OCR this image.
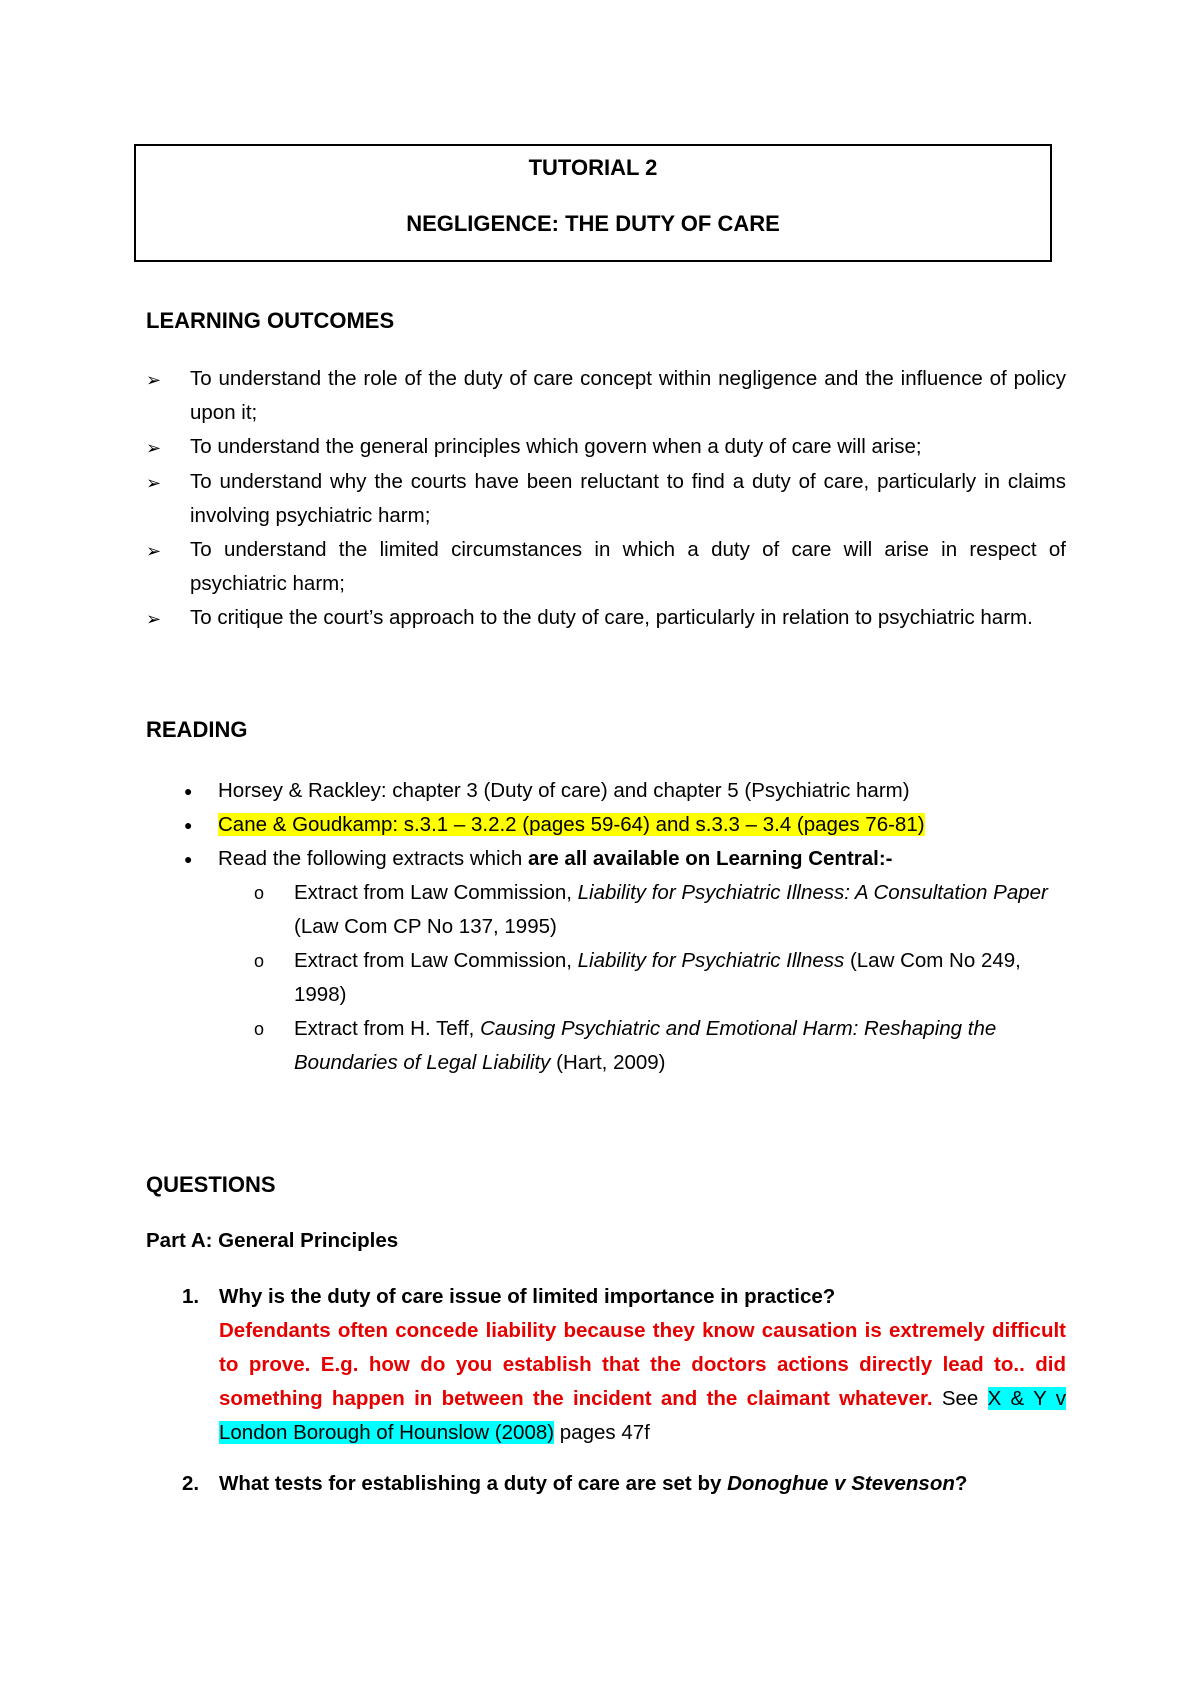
TUTORIAL 2
NEGLIGENCE: THE DUTY OF CARE
LEARNING OUTCOMES
➢	To understand the role of the duty of care concept within negligence and the influence of policy upon it;
➢	To understand the general principles which govern when a duty of care will arise;
➢	To understand why the courts have been reluctant to find a duty of care, particularly in claims involving psychiatric harm;
➢	To understand the limited circumstances in which a duty of care will arise in respect of psychiatric harm;
➢	To critique the court’s approach to the duty of care, particularly in relation to psychiatric harm.
READING
●	Horsey & Rackley: chapter 3 (Duty of care) and chapter 5 (Psychiatric harm)
●	Cane & Goudkamp: s.3.1 – 3.2.2 (pages 59-64) and s.3.3 – 3.4 (pages 76-81)
●	Read the following extracts which are all available on Learning Central:-
o	Extract from Law Commission, Liability for Psychiatric Illness: A Consultation Paper (Law Com CP No 137, 1995)
o	Extract from Law Commission, Liability for Psychiatric Illness (Law Com No 249, 1998)
o	Extract from H. Teff, Causing Psychiatric and Emotional Harm: Reshaping the Boundaries of Legal Liability (Hart, 2009)
QUESTIONS
Part A: General Principles
1. Why is the duty of care issue of limited importance in practice?
Defendants often concede liability because they know causation is extremely difficult to prove. E.g. how do you establish that the doctors actions directly lead to.. did something happen in between the incident and the claimant whatever. See X & Y v London Borough of Hounslow (2008) pages 47f
2. What tests for establishing a duty of care are set by Donoghue v Stevenson?
